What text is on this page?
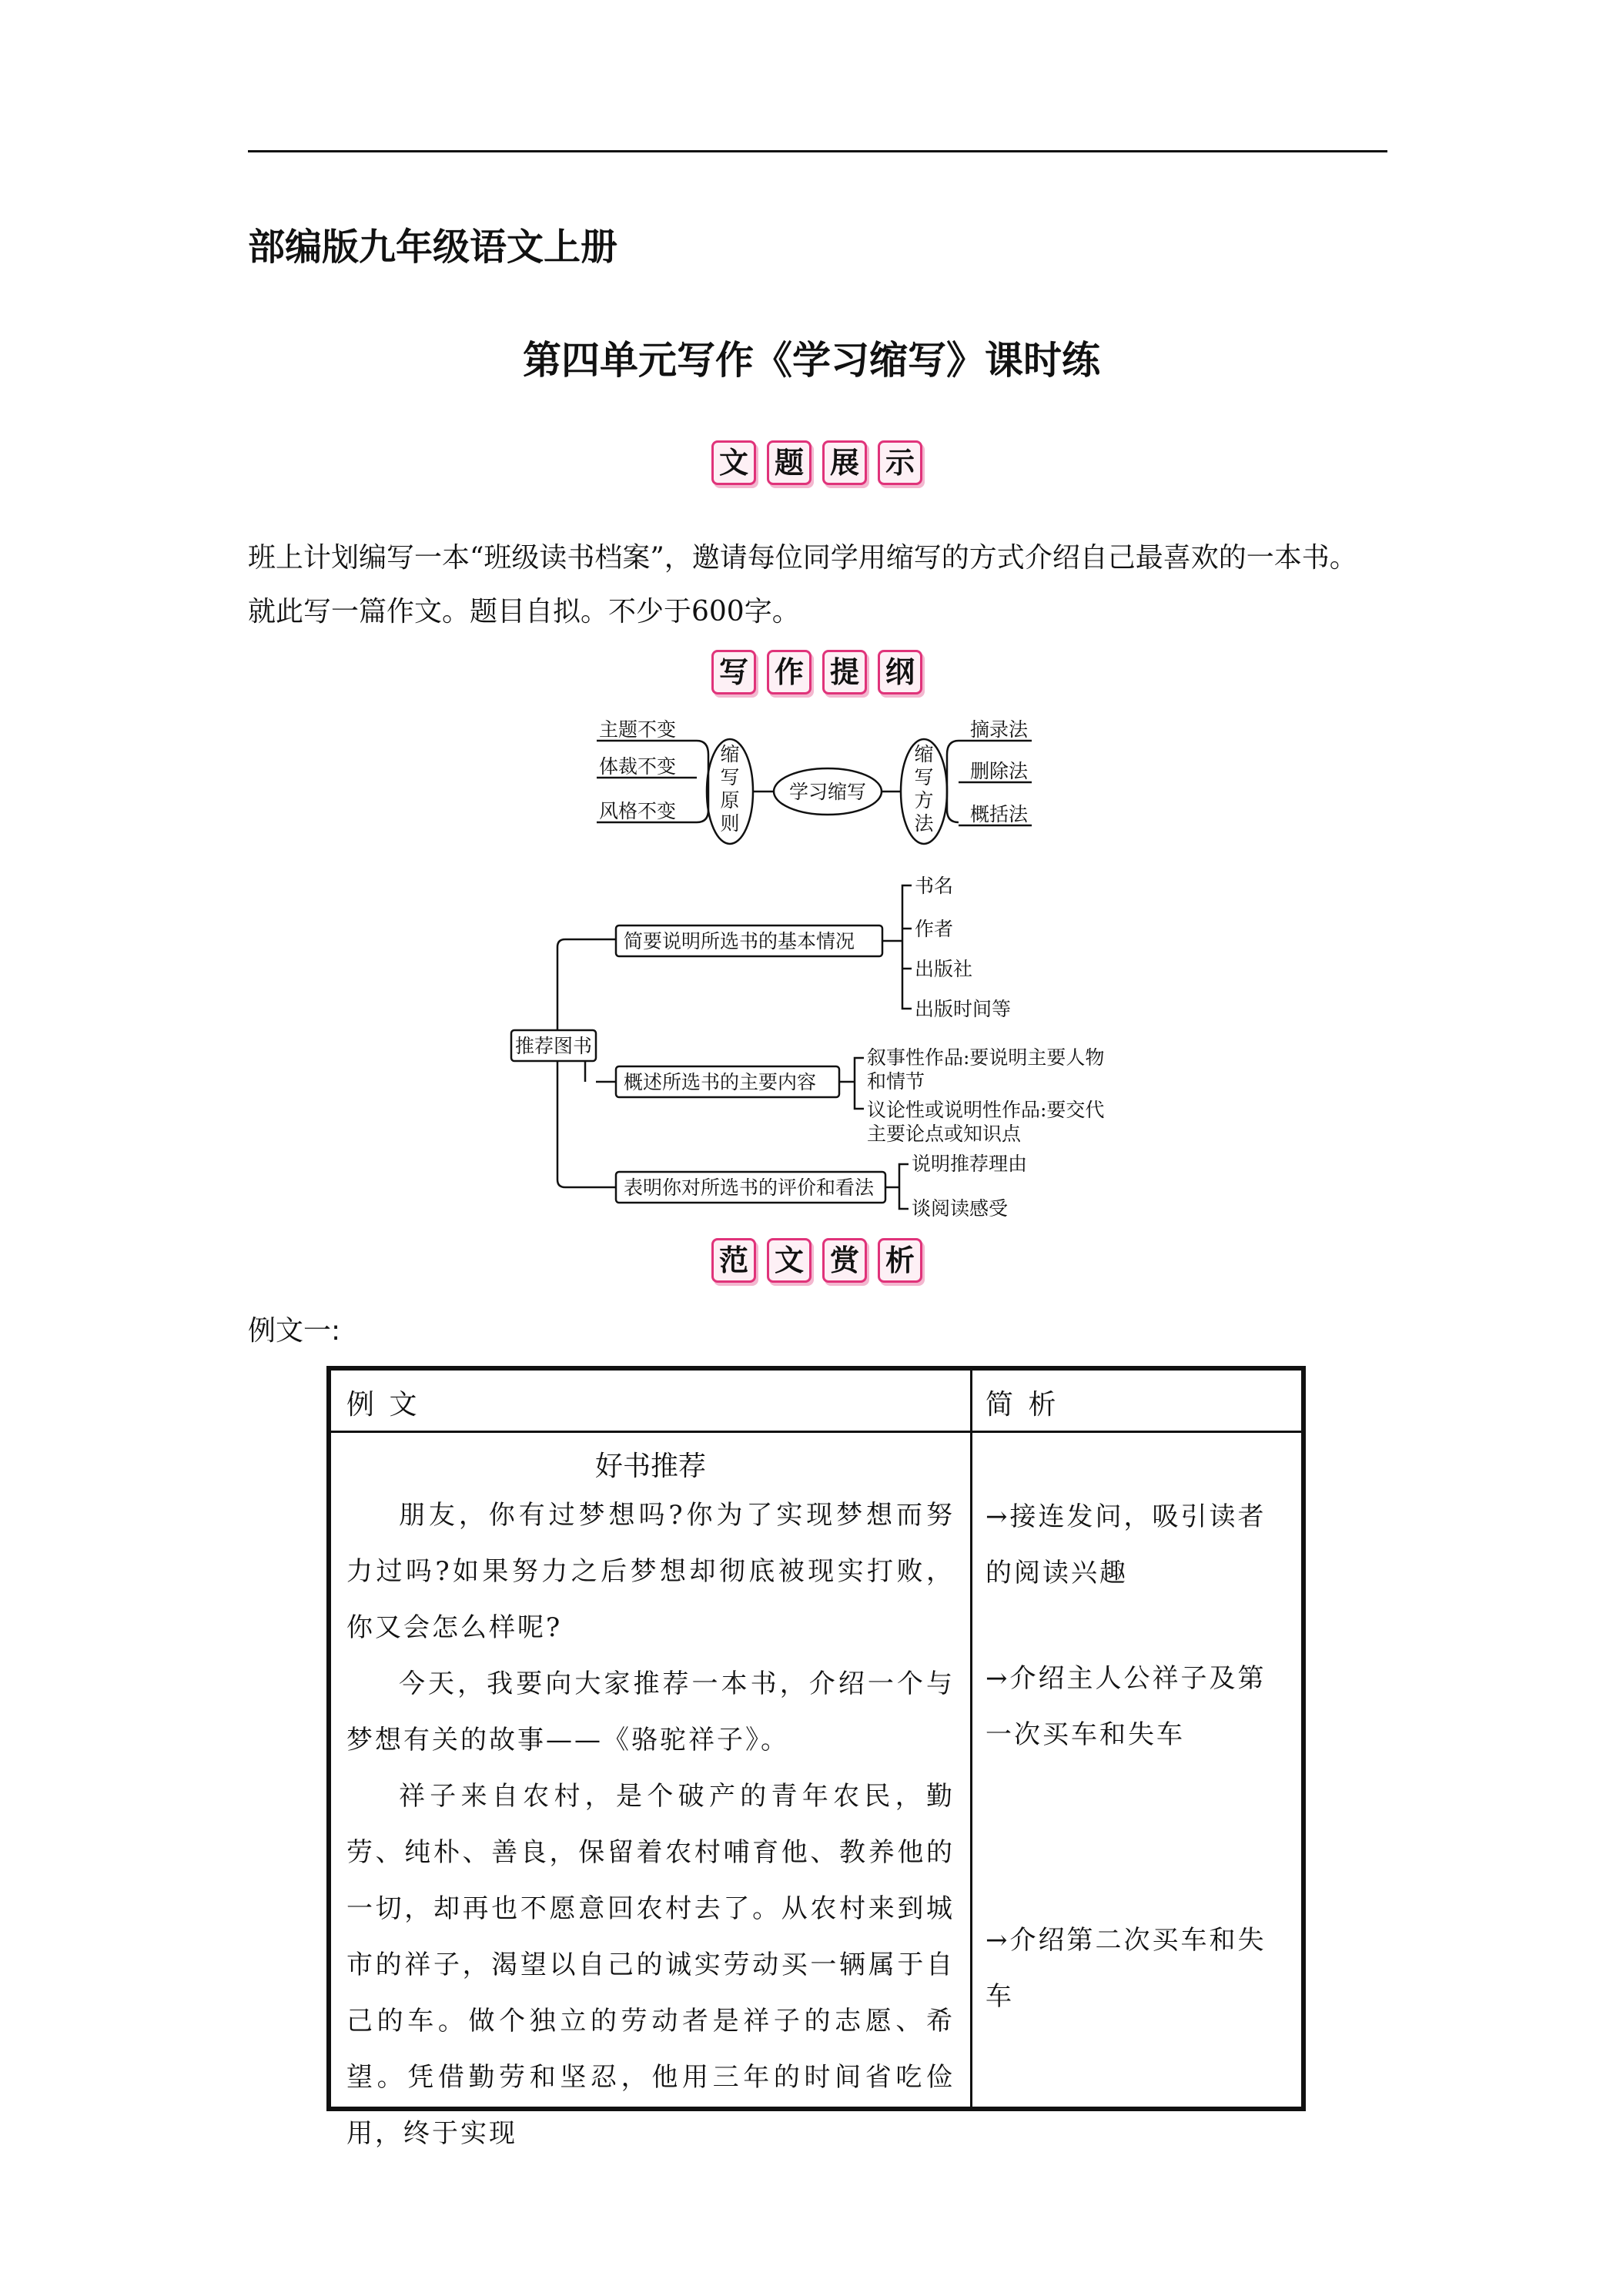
部编版九年级语文上册
第四单元写作《学习缩写》课时练
文 题 展 示
班上计划编写一本“班级读书档案”，邀请每位同学用缩写的方式介绍自己最喜欢的一本书。
就此写一篇作文。题目自拟。不少于600字。
写 作 提 纲
主题不变
体裁不变
风格不变
缩
写
原
则
学习缩写
缩
写
方
法
摘录法
删除法
概括法
推荐图书
简要说明所选书的基本情况
概述所选书的主要内容
表明你对所选书的评价和看法
书名
作者
出版社
出版时间等
叙事性作品:要说明主要人物
和情节
议论性或说明性作品:要交代
主要论点或知识点
说明推荐理由
谈阅读感受
范 文 赏 析
例文一:
例 文	简 析
好书推荐

朋友，你有过梦想吗?你为了实现梦想而努力过吗?如果努力之后梦想却彻底被现实打败，你又会怎么样呢?

今天，我要向大家推荐一本书，介绍一个与梦想有关的故事——《骆驼祥子》。

祥子来自农村，是个破产的青年农民，勤劳、纯朴、善良，保留着农村哺育他、教养他的一切，却再也不愿意回农村去了。从农村来到城市的祥子，渴望以自己的诚实劳动买一辆属于自己的车。做个独立的劳动者是祥子的志愿、希望。凭借勤劳和坚忍，他用三年的时间省吃俭用，终于实现

→接连发问，吸引读者的阅读兴趣
→介绍主人公祥子及第一次买车和失车
→介绍第二次买车和失车
